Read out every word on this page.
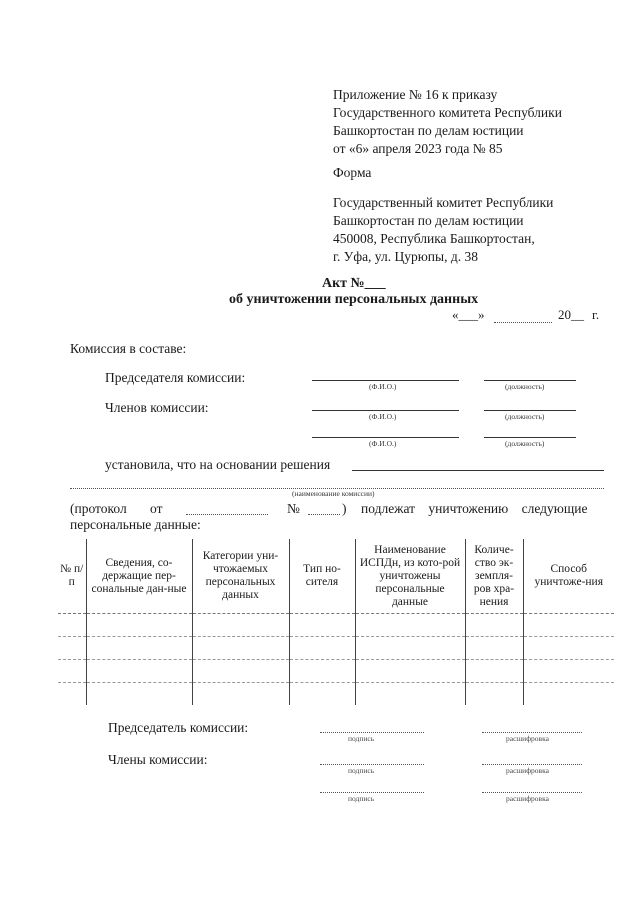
Приложение № 16 к приказу
Государственного комитета Республики
Башкортостан по делам юстиции
от «6» апреля 2023 года № 85
Форма
Государственный комитет Республики
Башкортостан по делам юстиции
450008, Республика Башкортостан,
г. Уфа, ул. Цурюпы, д. 38
Акт №___
об уничтожении персональных данных
«___»	20__ г.
Комиссия в составе:
Председателя комиссии:
(Ф.И.О.)	(должность)
Членов комиссии:
(Ф.И.О.)	(должность)
(Ф.И.О.)	(должность)
установила, что на основании решения
(наименование комиссии)
(протокол от	№	) подлежат уничтожению следующие
персональные данные:
№ п/п	Сведения, со-держащие пер-сональные дан-ные	Категории уни-чтожаемых персональных данных	Тип но-сителя	Наименование ИСПДн, из кото-рой уничтожены персональные данные	Количе-ство эк-земпля-ров хра-нения	Способ уничтоже-ния

Председатель комиссии:
подпись	расшифровка
Члены комиссии:
подпись	расшифровка
подпись	расшифровка
